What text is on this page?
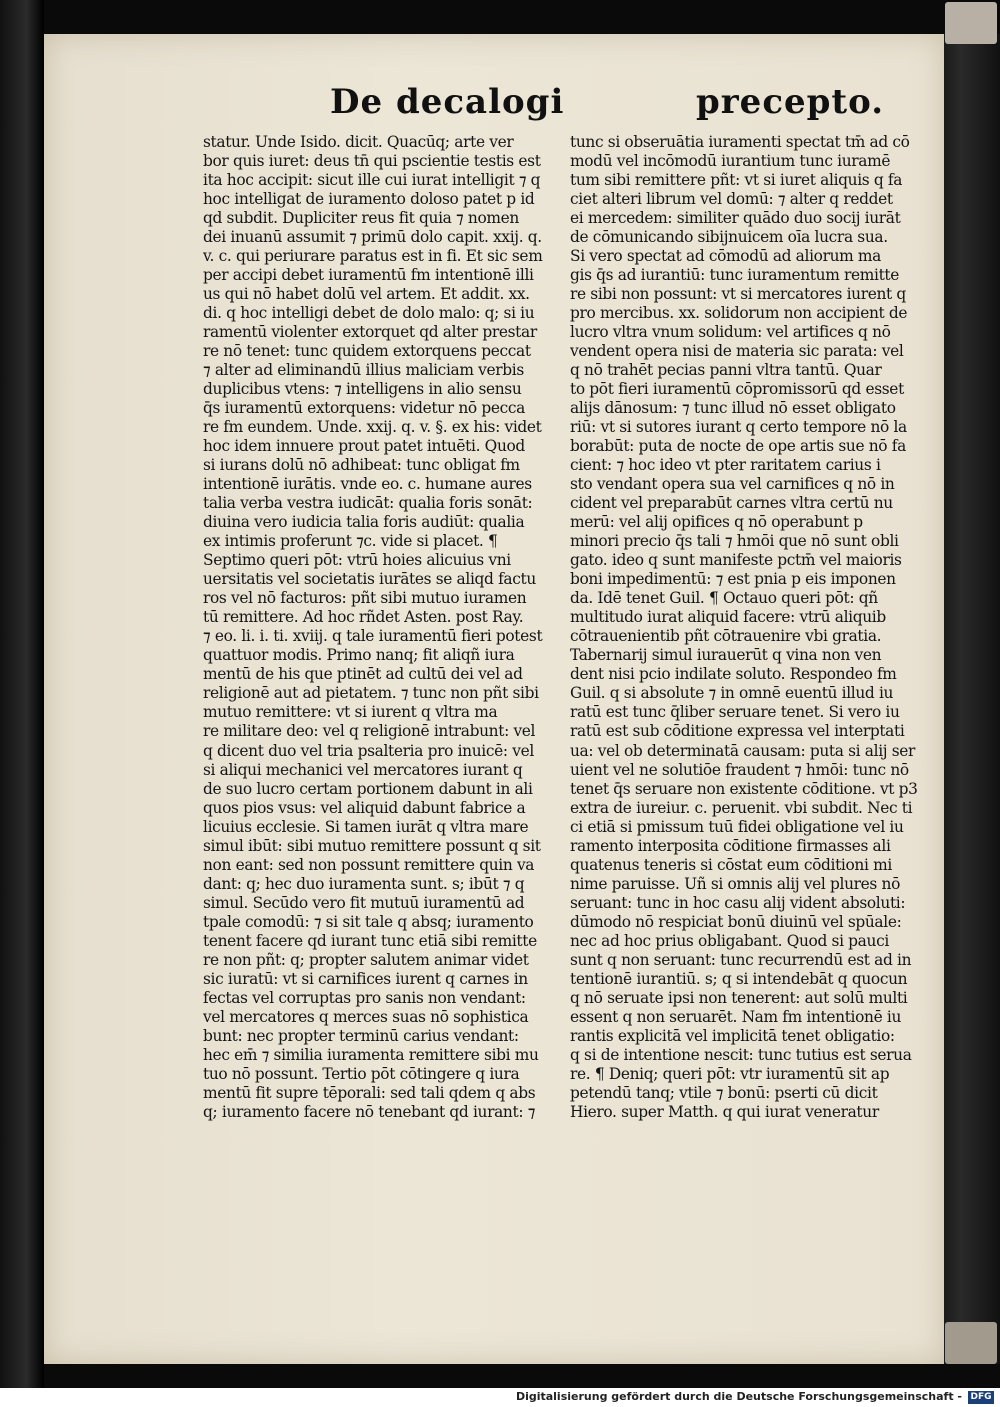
De decalogi	precepto.
statur. Unde Isido. dicit. Quacūq; arte ver
bor quis iuret: deus tn̄ qui pscientie testis est
ita hoc accipit: sicut ille cui iurat intelligit ⁊ q
hoc intelligat de iuramento doloso patet p id
qd subdit. Dupliciter reus fit quia ⁊ nomen
dei inuanū assumit ⁊ primū dolo capit. xxij. q.
v. c. qui periurare paratus est in fi. Et sic sem
per accipi debet iuramentū fm intentionē illi
us qui nō habet dolū vel artem. Et addit. xx.
di. q hoc intelligi debet de dolo malo: q; si iu
ramentū violenter extorquet qd alter prestar
re nō tenet: tunc quidem extorquens peccat
⁊ alter ad eliminandū illius maliciam verbis
duplicibus vtens: ⁊ intelligens in alio sensu
q̄s iuramentū extorquens: videtur nō pecca
re fm eundem. Unde. xxij. q. v. §. ex his: videt
hoc idem innuere prout patet intuēti. Quod
si iurans dolū nō adhibeat: tunc obligat fm
intentionē iurātis. vnde eo. c. humane aures
talia verba vestra iudicāt: qualia foris sonāt:
diuina vero iudicia talia foris audiūt: qualia
ex intimis proferunt ⁊c. vide si placet. ¶
Septimo queri pōt: vtrū hoies alicuius vni
uersitatis vel societatis iurātes se aliqd factu
ros vel nō facturos: pñt sibi mutuo iuramen
tū remittere. Ad hoc rñdet Asten. post Ray.
⁊ eo. li. i. ti. xviij. q tale iuramentū fieri potest
quattuor modis. Primo nanq; fit aliqñ iura
mentū de his que ptinēt ad cultū dei vel ad
religionē aut ad pietatem. ⁊ tunc non pñt sibi
mutuo remittere: vt si iurent q vltra ma
re militare deo: vel q religionē intrabunt: vel
q dicent duo vel tria psalteria pro inuicē: vel
si aliqui mechanici vel mercatores iurant q
de suo lucro certam portionem dabunt in ali
quos pios vsus: vel aliquid dabunt fabrice a
licuius ecclesie. Si tamen iurāt q vltra mare
simul ibūt: sibi mutuo remittere possunt q sit
non eant: sed non possunt remittere quin va
dant: q; hec duo iuramenta sunt. s; ibūt ⁊ q
simul. Secūdo vero fit mutuū iuramentū ad
tpale comodū: ⁊ si sit tale q absq; iuramento
tenent facere qd iurant tunc etiā sibi remitte
re non pñt: q; propter salutem animar videt
sic iuratū: vt si carnifices iurent q carnes in
fectas vel corruptas pro sanis non vendant:
vel mercatores q merces suas nō sophistica
bunt: nec propter terminū carius vendant:
hec em̄ ⁊ similia iuramenta remittere sibi mu
tuo nō possunt. Tertio pōt cōtingere q iura
mentū fit supre tēporali: sed tali qdem q abs
q; iuramento facere nō tenebant qd iurant: ⁊
tunc si obseruātia iuramenti spectat tm̄ ad cō
modū vel incōmodū iurantium tunc iuramē
tum sibi remittere pñt: vt si iuret aliquis q fa
ciet alteri librum vel domū: ⁊ alter q reddet
ei mercedem: similiter quādo duo socij iurāt
de cōmunicando sibijnuicem oīa lucra sua.
Si vero spectat ad cōmodū ad aliorum ma
gis q̄s ad iurantiū: tunc iuramentum remitte
re sibi non possunt: vt si mercatores iurent q
pro mercibus. xx. solidorum non accipient de
lucro vltra vnum solidum: vel artifices q nō
vendent opera nisi de materia sic parata: vel
q nō trahēt pecias panni vltra tantū. Quar
to pōt fieri iuramentū cōpromissorū qd esset
alijs dānosum: ⁊ tunc illud nō esset obligato
riū: vt si sutores iurant q certo tempore nō la
borabūt: puta de nocte de ope artis sue nō fa
cient: ⁊ hoc ideo vt pter raritatem carius i
sto vendant opera sua vel carnifices q nō in
cident vel preparabūt carnes vltra certū nu
merū: vel alij opifices q nō operabunt p
minori precio q̄s tali ⁊ hmōi que nō sunt obli
gato. ideo q sunt manifeste pctm̄ vel maioris
boni impedimentū: ⁊ est pnia p eis imponen
da. Idē tenet Guil. ¶ Octauo queri pōt: qñ
multitudo iurat aliquid facere: vtrū aliquib
cōtrauenientib pñt cōtrauenire vbi gratia.
Tabernarij simul iurauerūt q vina non ven
dent nisi pcio indilate soluto. Respondeo fm
Guil. q si absolute ⁊ in omnē euentū illud iu
ratū est tunc q̄liber seruare tenet. Si vero iu
ratū est sub cōditione expressa vel interptati
ua: vel ob determinatā causam: puta si alij ser
uient vel ne solutiōe fraudent ⁊ hmōi: tunc nō
tenet q̄s seruare non existente cōditione. vt p3
extra de iureiur. c. peruenit. vbi subdit. Nec ti
ci etiā si pmissum tuū fidei obligatione vel iu
ramento interposita cōditione firmasses ali
quatenus teneris si cōstat eum cōditioni mi
nime paruisse. Uñ si omnis alij vel plures nō
seruant: tunc in hoc casu alij vident absoluti:
dūmodo nō respiciat bonū diuinū vel spūale:
nec ad hoc prius obligabant. Quod si pauci
sunt q non seruant: tunc recurrendū est ad in
tentionē iurantiū. s; q si intendebāt q quocun
q nō seruate ipsi non tenerent: aut solū multi
essent q non seruarēt. Nam fm intentionē iu
rantis explicitā vel implicitā tenet obligatio:
q si de intentione nescit: tunc tutius est serua
re. ¶ Deniq; queri pōt: vtr iuramentū sit ap
petendū tanq; vtile ⁊ bonū: pserti cū dicit
Hiero. super Matth. q qui iurat veneratur
Digitalisierung gefördert durch die Deutsche Forschungsgemeinschaft - DFG
